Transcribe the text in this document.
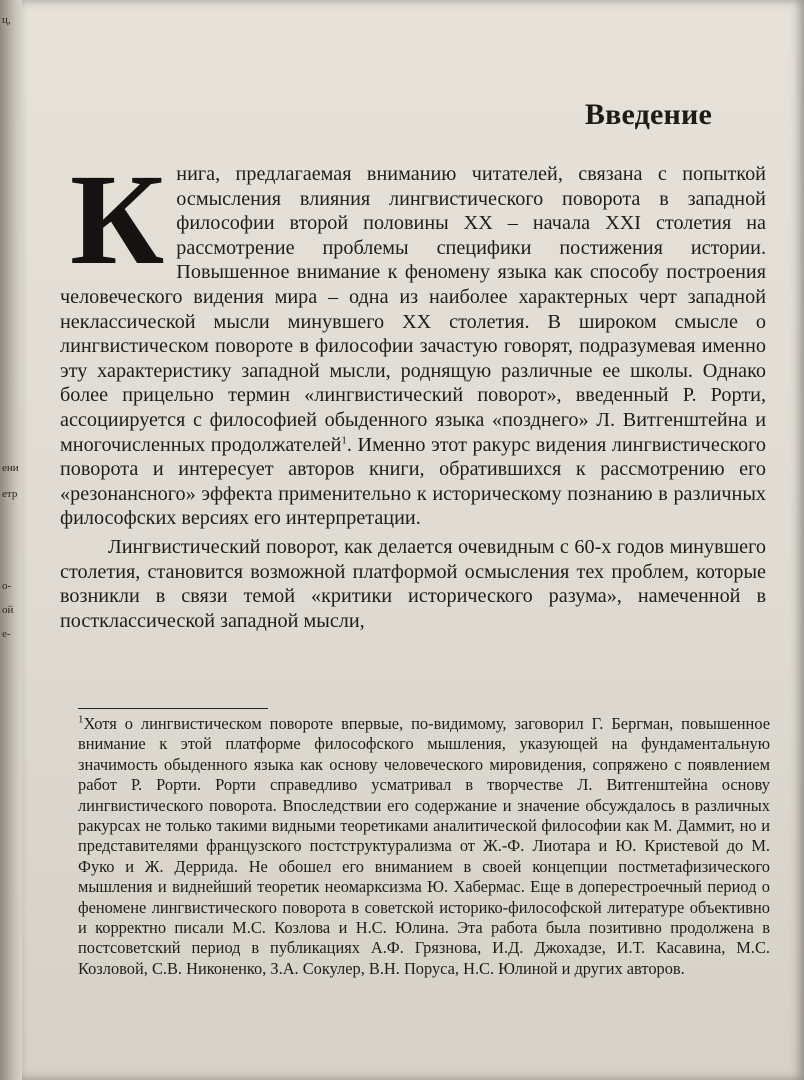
ц,
ени
етр
о-
ой
е-
Введение

К нига, предлагаемая вниманию читателей, связана с попыткой осмысления влияния лингвистического поворота в западной философии второй половины XX – начала XXI столетия на рассмотрение проблемы специфики постижения истории. Повышенное внимание к феномену языка как способу построения человеческого видения мира – одна из наиболее характерных черт западной неклассической мысли минувшего XX столетия. В широком смысле о лингвистическом повороте в философии зачастую говорят, подразумевая именно эту характеристику западной мысли, роднящую различные ее школы. Однако более прицельно термин «лингвистический поворот», введенный Р. Рорти, ассоциируется с философией обыденного языка «позднего» Л. Витгенштейна и многочисленных продолжателей$^1$. Именно этот ракурс видения лингвистического поворота и интересует авторов книги, обратившихся к рассмотрению его «резонансного» эффекта применительно к историческому познанию в различных философских версиях его интерпретации.

Лингвистический поворот, как делается очевидным с 60-х годов минувшего столетия, становится возможной платформой осмысления тех проблем, которые возникли в связи темой «критики исторического разума», намеченной в постклассической западной мысли,

$^1$Хотя о лингвистическом повороте впервые, по-видимому, заговорил Г. Бергман, повышенное внимание к этой платформе философского мышления, указующей на фундаментальную значимость обыденного языка как основу человеческого мировидения, сопряжено с появлением работ Р. Рорти. Рорти справедливо усматривал в творчестве Л. Витгенштейна основу лингвистического поворота. Впоследствии его содержание и значение обсуждалось в различных ракурсах не только такими видными теоретиками аналитической философии как М. Даммит, но и представителями французского постструктурализма от Ж.-Ф. Лиотара и Ю. Кристевой до М. Фуко и Ж. Деррида. Не обошел его вниманием в своей концепции постметафизического мышления и виднейший теоретик неомарксизма Ю. Хабермас. Еще в доперестроечный период о феномене лингвистического поворота в советской историко-философской литературе объективно и корректно писали М.С. Козлова и Н.С. Юлина. Эта работа была позитивно продолжена в постсоветский период в публикациях А.Ф. Грязнова, И.Д. Джохадзе, И.Т. Касавина, М.С. Козловой, С.В. Никоненко, З.А. Сокулер, В.Н. Поруса, Н.С. Юлиной и других авторов.
